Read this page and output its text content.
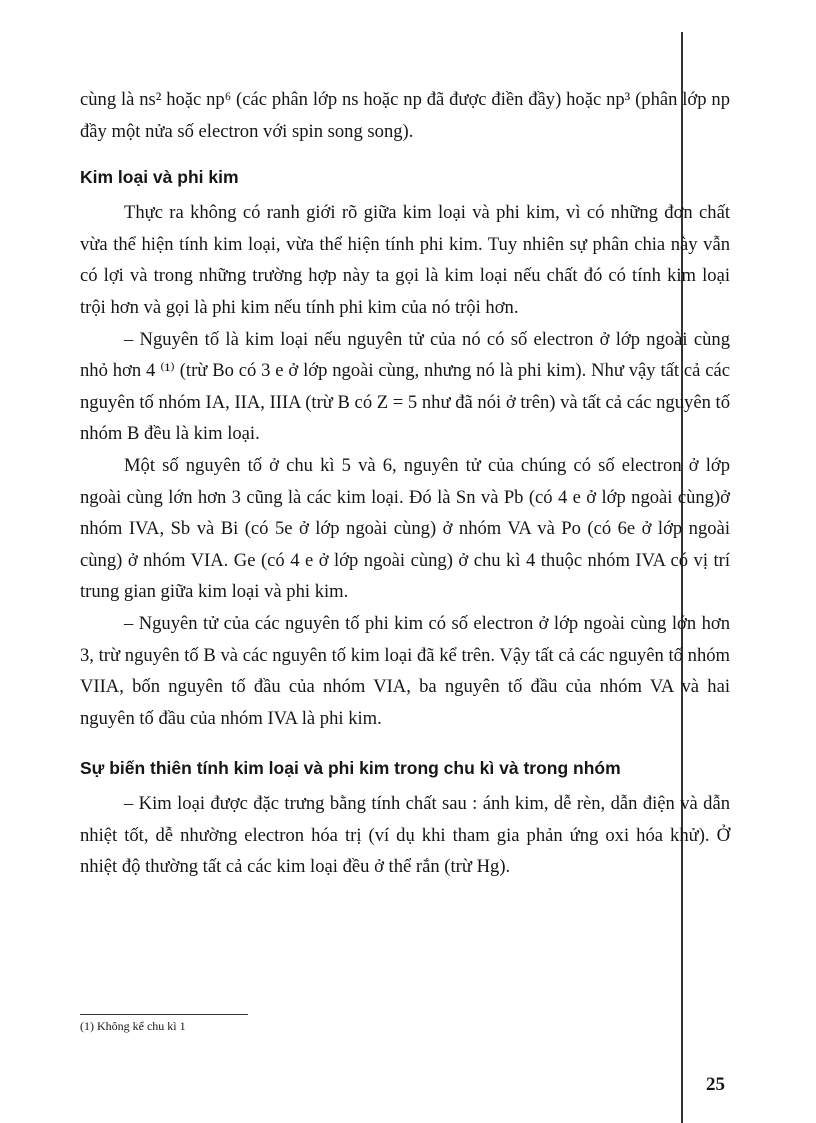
cùng là ns² hoặc np⁶ (các phân lớp ns hoặc np đã được điền đầy) hoặc np³ (phân lớp np đầy một nửa số electron với spin song song).

Kim loại và phi kim

Thực ra không có ranh giới rõ giữa kim loại và phi kim, vì có những đơn chất vừa thể hiện tính kim loại, vừa thể hiện tính phi kim. Tuy nhiên sự phân chia này vẫn có lợi và trong những trường hợp này ta gọi là kim loại nếu chất đó có tính kim loại trội hơn và gọi là phi kim nếu tính phi kim của nó trội hơn.

– Nguyên tố là kim loại nếu nguyên tử của nó có số electron ở lớp ngoài cùng nhỏ hơn 4 ⁽¹⁾ (trừ Bo có 3 e ở lớp ngoài cùng, nhưng nó là phi kim). Như vậy tất cả các nguyên tố nhóm IA, IIA, IIIA (trừ B có Z = 5 như đã nói ở trên) và tất cả các nguyên tố nhóm B đều là kim loại.

Một số nguyên tố ở chu kì 5 và 6, nguyên tử của chúng có số electron ở lớp ngoài cùng lớn hơn 3 cũng là các kim loại. Đó là Sn và Pb (có 4 e ở lớp ngoài cùng)ở nhóm IVA, Sb và Bi (có 5e ở lớp ngoài cùng) ở nhóm VA và Po (có 6e ở lớp ngoài cùng) ở nhóm VIA. Ge (có 4 e ở lớp ngoài cùng) ở chu kì 4 thuộc nhóm IVA có vị trí trung gian giữa kim loại và phi kim.

– Nguyên tử của các nguyên tố phi kim có số electron ở lớp ngoài cùng lớn hơn 3, trừ nguyên tố B và các nguyên tố kim loại đã kể trên. Vậy tất cả các nguyên tố nhóm VIIA, bốn nguyên tố đầu của nhóm VIA, ba nguyên tố đầu của nhóm VA và hai nguyên tố đầu của nhóm IVA là phi kim.

Sự biến thiên tính kim loại và phi kim trong chu kì và trong nhóm

– Kim loại được đặc trưng bằng tính chất sau : ánh kim, dễ rèn, dẫn điện và dẫn nhiệt tốt, dễ nhường electron hóa trị (ví dụ khi tham gia phản ứng oxi hóa khử). Ở nhiệt độ thường tất cả các kim loại đều ở thể rắn (trừ Hg).

(1) Không kể chu kì 1
25
